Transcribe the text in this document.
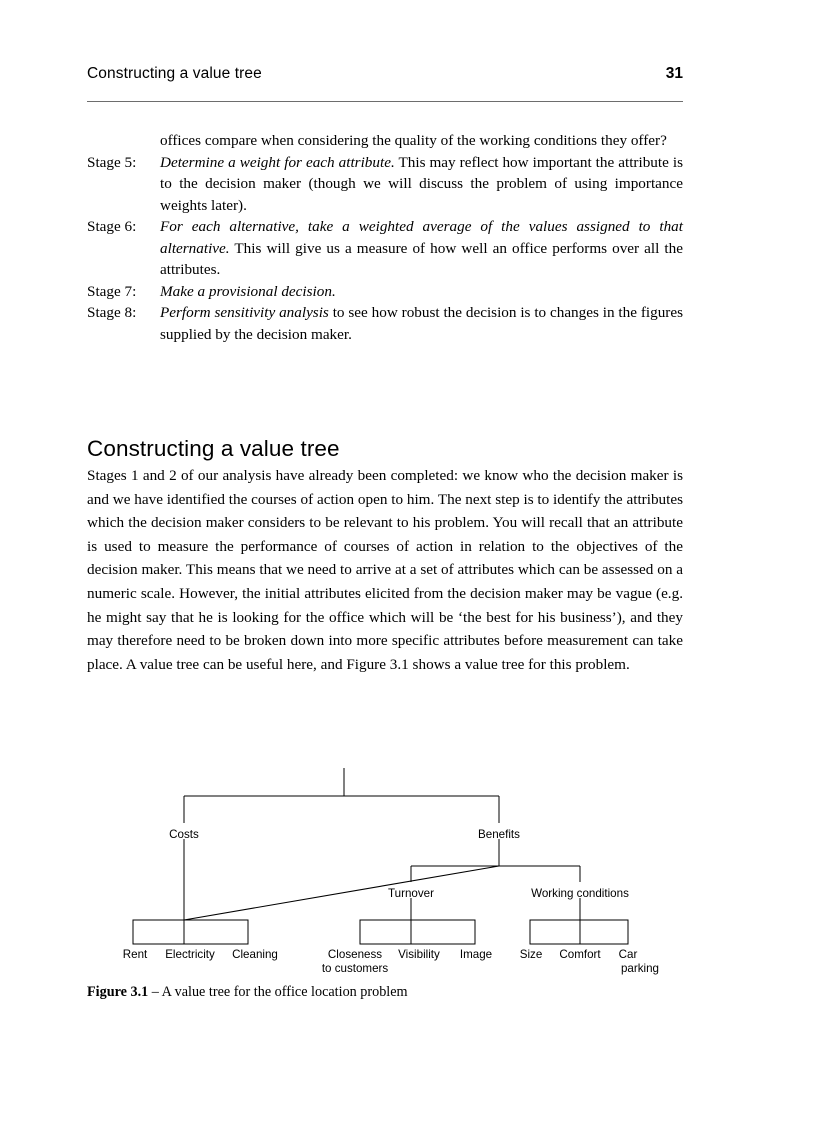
Constructing a value tree	31

offices compare when considering the quality of the working conditions they offer?

Stage 5:	Determine a weight for each attribute. This may reflect how important the attribute is to the decision maker (though we will discuss the problem of using importance weights later).
Stage 6:	For each alternative, take a weighted average of the values assigned to that alternative. This will give us a measure of how well an office performs over all the attributes.
Stage 7:	Make a provisional decision.
Stage 8:	Perform sensitivity analysis to see how robust the decision is to changes in the figures supplied by the decision maker.
Constructing a value tree

Stages 1 and 2 of our analysis have already been completed: we know who the decision maker is and we have identified the courses of action open to him. The next step is to identify the attributes which the decision maker considers to be relevant to his problem. You will recall that an attribute is used to measure the performance of courses of action in relation to the objectives of the decision maker. This means that we need to arrive at a set of attributes which can be assessed on a numeric scale. However, the initial attributes elicited from the decision maker may be vague (e.g. he might say that he is looking for the office which will be ‘the best for his business’), and they may therefore need to be broken down into more specific attributes before measurement can take place. A value tree can be useful here, and Figure 3.1 shows a value tree for this problem.

Costs	Benefits
Turnover	Working conditions
Rent Electricity Cleaning	Closeness
to customers
Visibility Image Size Comfort Car
parking
Figure 3.1 – A value tree for the office location problem
